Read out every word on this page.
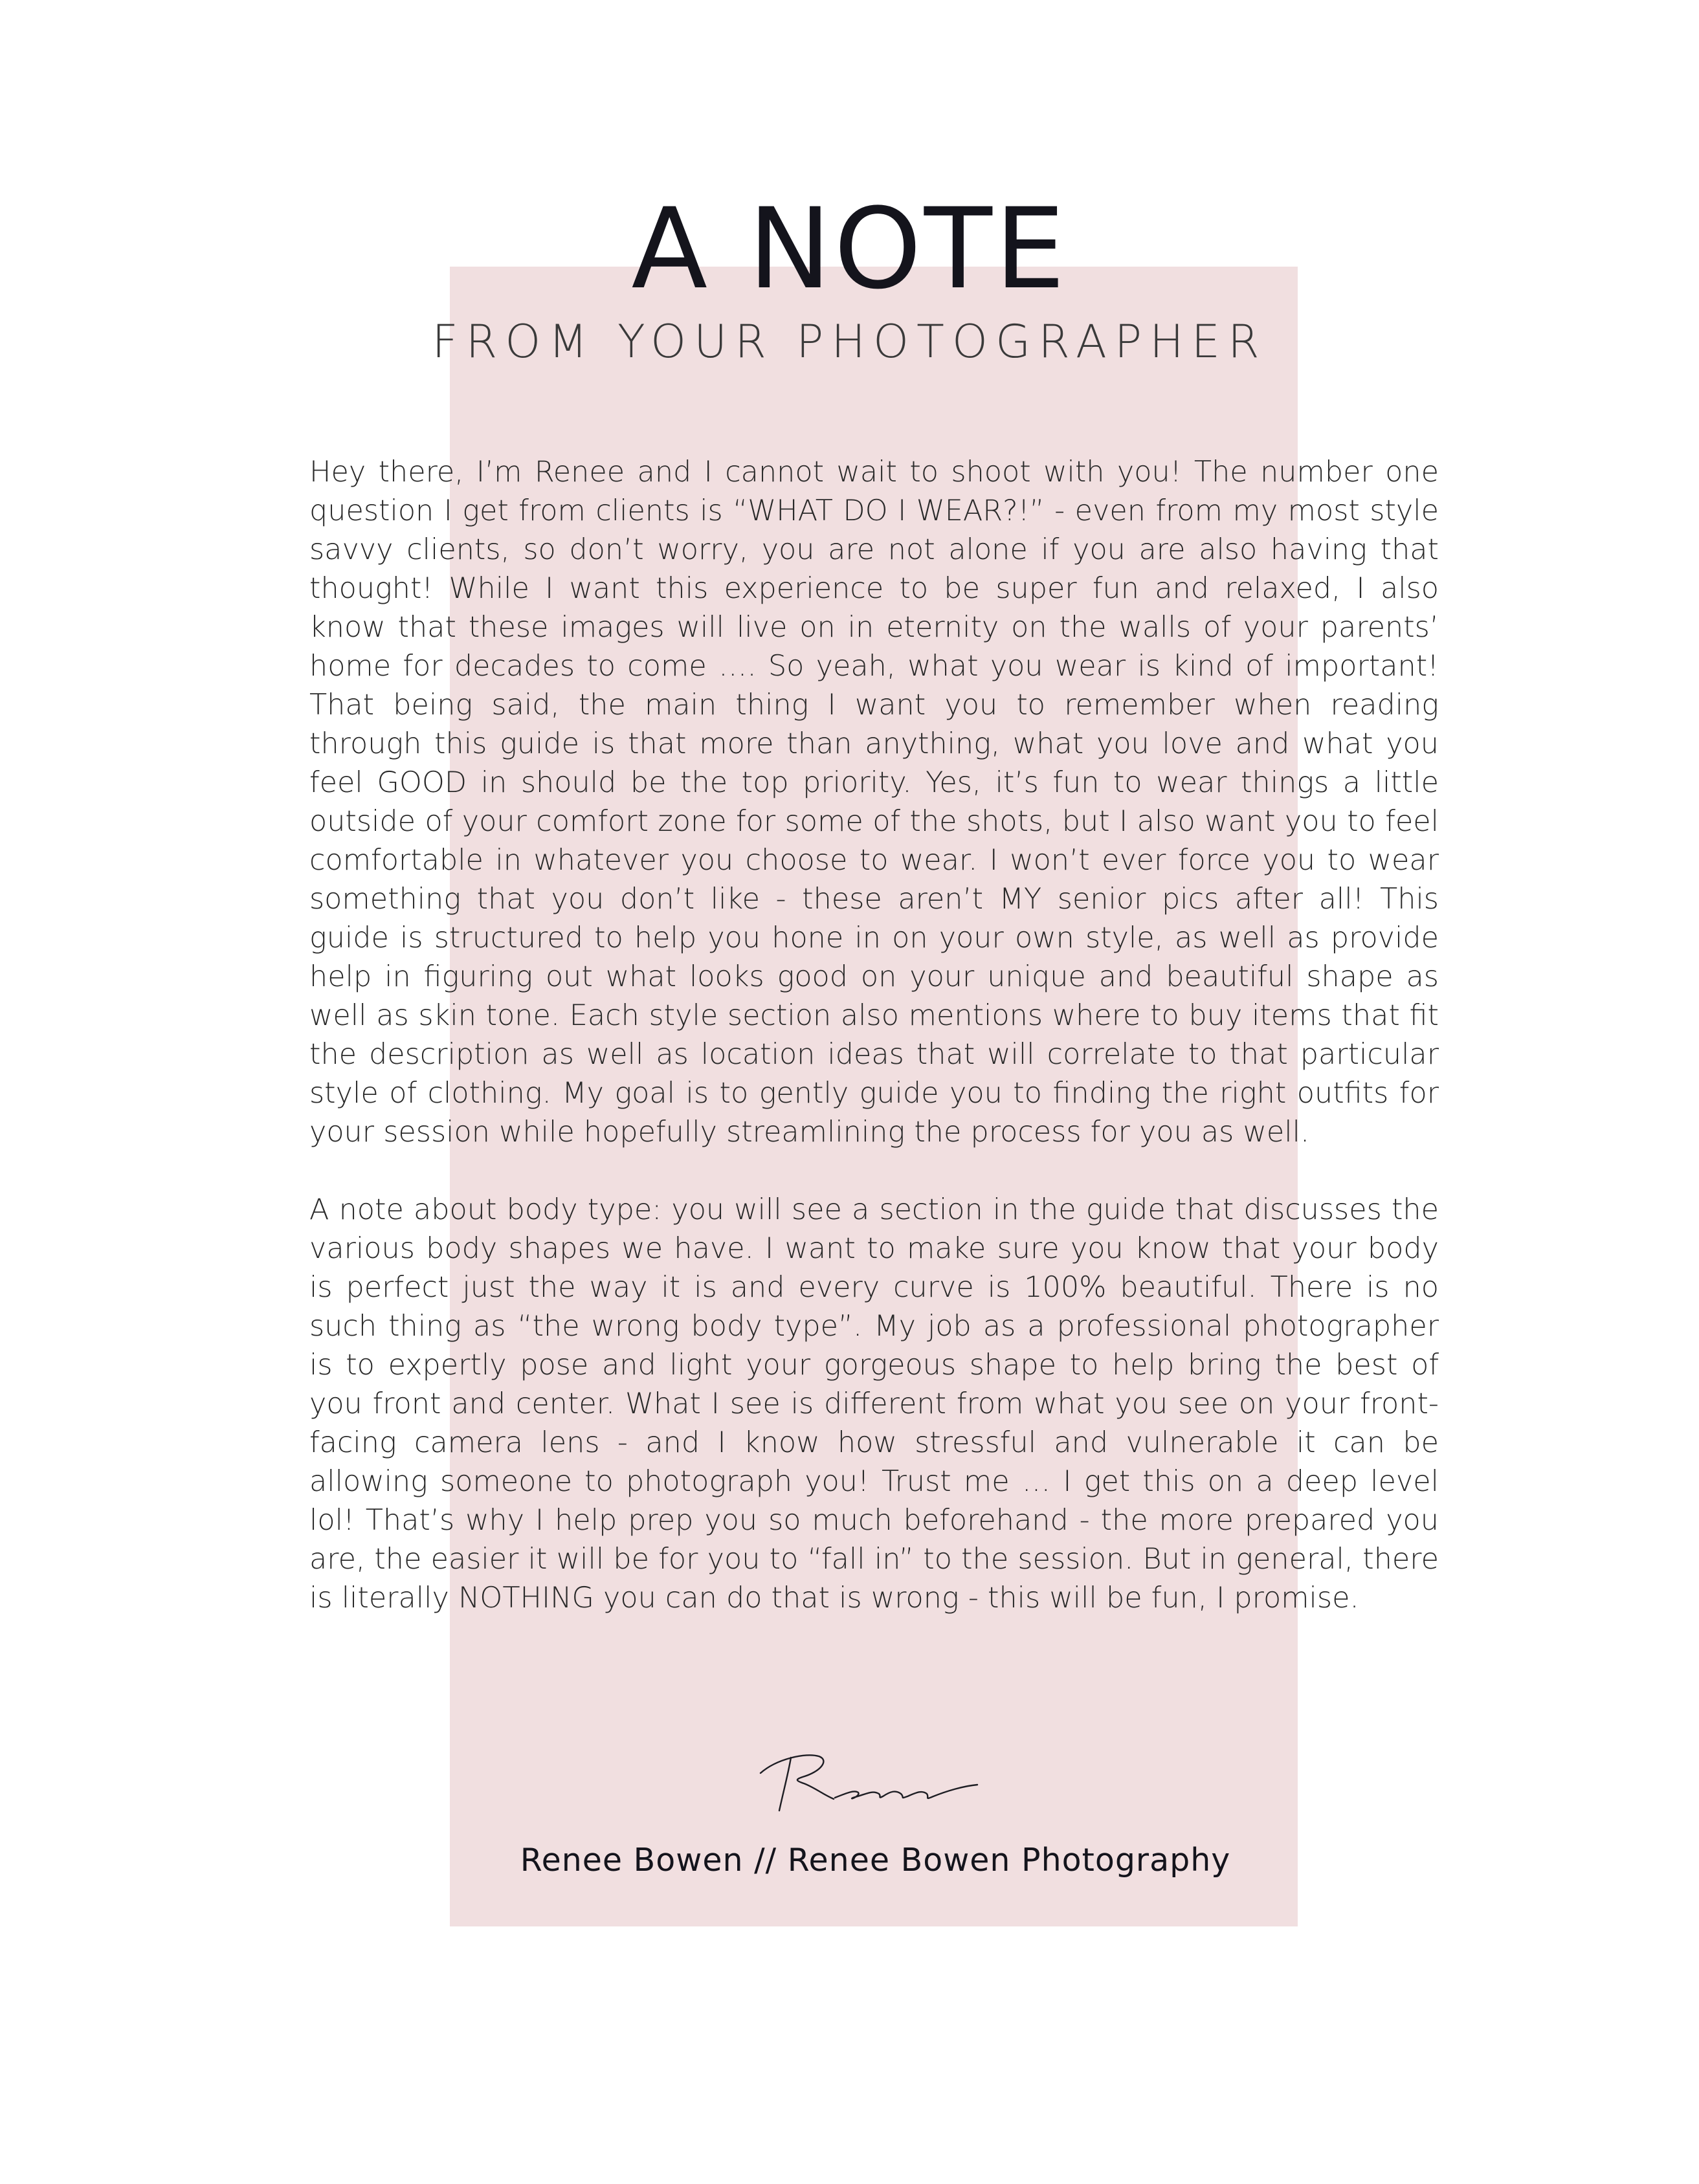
A NOTE
FROM YOUR PHOTOGRAPHER

Hey there, I’m Renee and I cannot wait to shoot with you! The number one question I get from clients is “WHAT DO I WEAR?!” - even from my most style savvy clients, so don’t worry, you are not alone if you are also having that thought! While I want this experience to be super fun and relaxed, I also know that these images will live on in eternity on the walls of your parents’ home for decades to come …. So yeah, what you wear is kind of important! That being said, the main thing I want you to remember when reading through this guide is that more than anything, what you love and what you feel GOOD in should be the top priority. Yes, it’s fun to wear things a little outside of your comfort zone for some of the shots, but I also want you to feel comfortable in whatever you choose to wear. I won’t ever force you to wear something that you don’t like - these aren’t MY senior pics after all! This guide is structured to help you hone in on your own style, as well as provide help in figuring out what looks good on your unique and beautiful shape as well as skin tone. Each style section also mentions where to buy items that fit the description as well as location ideas that will correlate to that particular style of clothing. My goal is to gently guide you to finding the right outfits for your session while hopefully streamlining the process for you as well.

A note about body type: you will see a section in the guide that discusses the various body shapes we have. I want to make sure you know that your body is perfect just the way it is and every curve is 100% beautiful. There is no such thing as “the wrong body type”. My job as a professional photographer is to expertly pose and light your gorgeous shape to help bring the best of you front and center. What I see is different from what you see on your front-facing camera lens - and I know how stressful and vulnerable it can be allowing someone to photograph you! Trust me … I get this on a deep level lol! That’s why I help prep you so much beforehand - the more prepared you are, the easier it will be for you to “fall in” to the session. But in general, there is literally NOTHING you can do that is wrong - this will be fun, I promise.

Renee Bowen // Renee Bowen Photography
